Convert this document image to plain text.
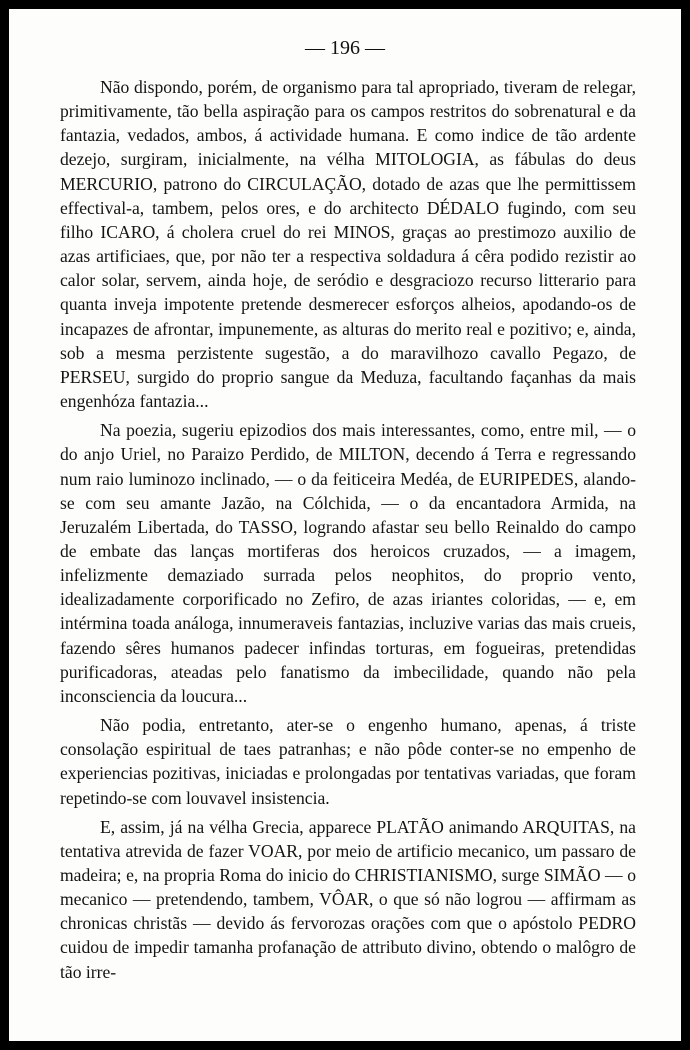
— 196 —

Não dispondo, porém, de organismo para tal apropriado, tiveram de relegar, primitivamente, tão bella aspiração para os campos restritos do sobrenatural e da fantazia, vedados, ambos, á actividade humana. E como indice de tão ardente dezejo, surgiram, inicialmente, na vélha MITOLOGIA, as fábulas do deus MERCURIO, patrono do CIRCULAÇÃO, dotado de azas que lhe permittissem effectival-a, tambem, pelos ores, e do architecto DÉDALO fugindo, com seu filho ICARO, á cholera cruel do rei MINOS, graças ao prestimozo auxilio de azas artificiaes, que, por não ter a respectiva soldadura á cêra podido rezistir ao calor solar, servem, ainda hoje, de seródio e desgraciozo recurso litterario para quanta inveja impotente pretende desmerecer esforços alheios, apodando-os de incapazes de afrontar, impunemente, as alturas do merito real e pozitivo; e, ainda, sob a mesma perzistente sugestão, a do maravilhozo cavallo Pegazo, de PERSEU, surgido do proprio sangue da Meduza, facultando façanhas da mais engenhóza fantazia...

Na poezia, sugeriu epizodios dos mais interessantes, como, entre mil, — o do anjo Uriel, no Paraizo Perdido, de MILTON, decendo á Terra e regressando num raio luminozo inclinado, — o da feiticeira Medéa, de EURIPEDES, alando-se com seu amante Jazão, na Cólchida, — o da encantadora Armida, na Jeruzalém Libertada, do TASSO, logrando afastar seu bello Reinaldo do campo de embate das lanças mortiferas dos heroicos cruzados, — a imagem, infelizmente demaziado surrada pelos neophitos, do proprio vento, idealizadamente corporificado no Zefiro, de azas iriantes coloridas, — e, em intérmina toada análoga, innumeraveis fantazias, incluzive varias das mais crueis, fazendo sêres humanos padecer infindas torturas, em fogueiras, pretendidas purificadoras, ateadas pelo fanatismo da imbecilidade, quando não pela inconsciencia da loucura...

Não podia, entretanto, ater-se o engenho humano, apenas, á triste consolação espiritual de taes patranhas; e não pôde conter-se no empenho de experiencias pozitivas, iniciadas e prolongadas por tentativas variadas, que foram repetindo-se com louvavel insistencia.

E, assim, já na vélha Grecia, apparece PLATÃO animando ARQUITAS, na tentativa atrevida de fazer VOAR, por meio de artificio mecanico, um passaro de madeira; e, na propria Roma do inicio do CHRISTIANISMO, surge SIMÃO — o mecanico — pretendendo, tambem, VÔAR, o que só não logrou — affirmam as chronicas christãs — devido ás fervorozas orações com que o apóstolo PEDRO cuidou de impedir tamanha profanação de attributo divino, obtendo o malôgro de tão irre-
